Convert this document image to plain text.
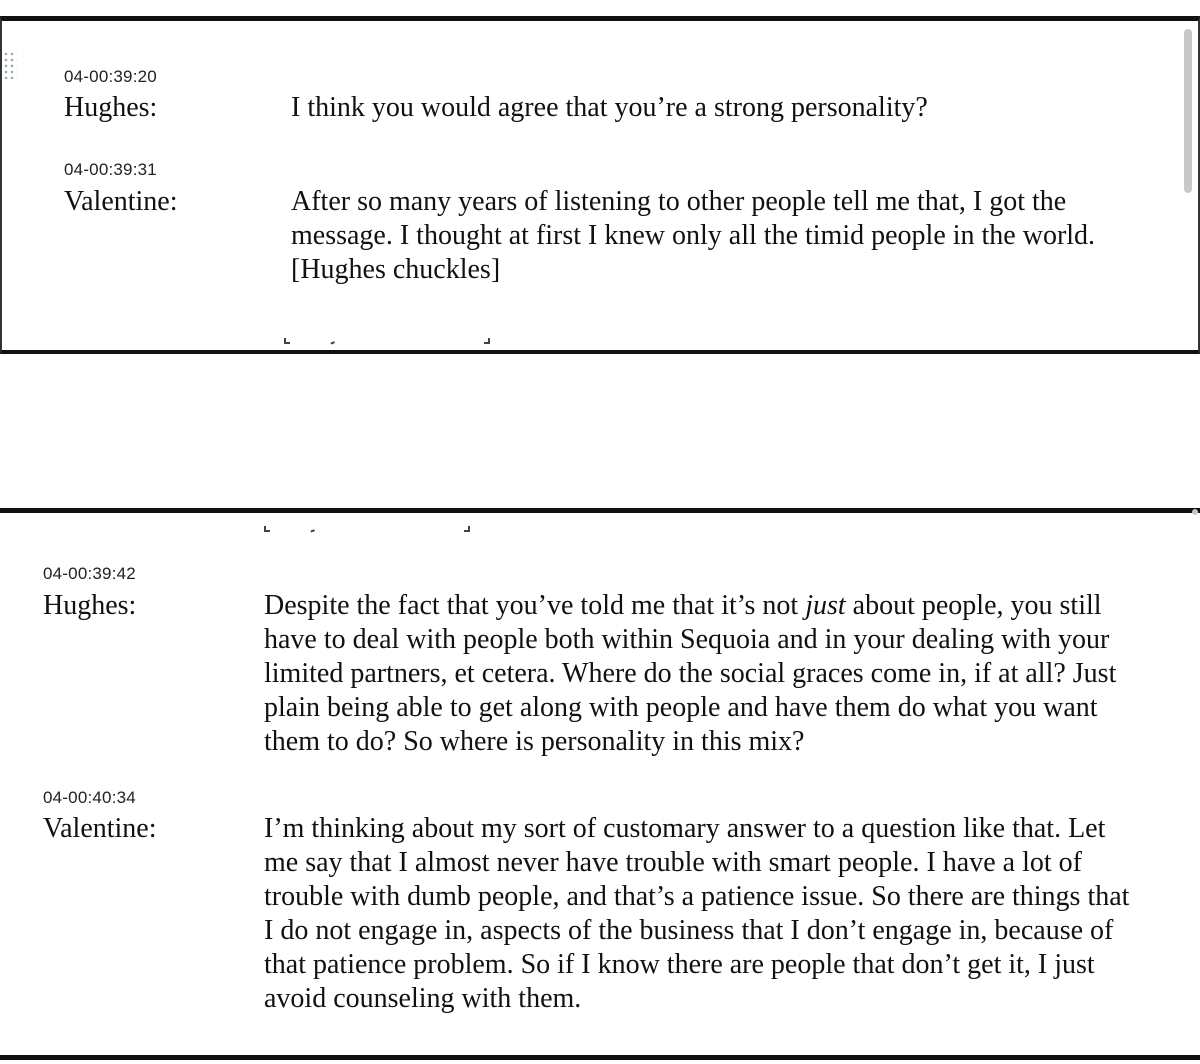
04-00:39:20
Hughes:	I think you would agree that you’re a strong personality?
04-00:39:31
Valentine:	After so many years of listening to other people tell me that, I got the
message. I thought at first I knew only all the timid people in the world.
[Hughes chuckles]
04-00:39:42
Hughes:	Despite the fact that you’ve told me that it’s not just about people, you still
have to deal with people both within Sequoia and in your dealing with your
limited partners, et cetera. Where do the social graces come in, if at all? Just
plain being able to get along with people and have them do what you want
them to do? So where is personality in this mix?
04-00:40:34
Valentine:	I’m thinking about my sort of customary answer to a question like that. Let
me say that I almost never have trouble with smart people. I have a lot of
trouble with dumb people, and that’s a patience issue. So there are things that
I do not engage in, aspects of the business that I don’t engage in, because of
that patience problem. So if I know there are people that don’t get it, I just
avoid counseling with them.
